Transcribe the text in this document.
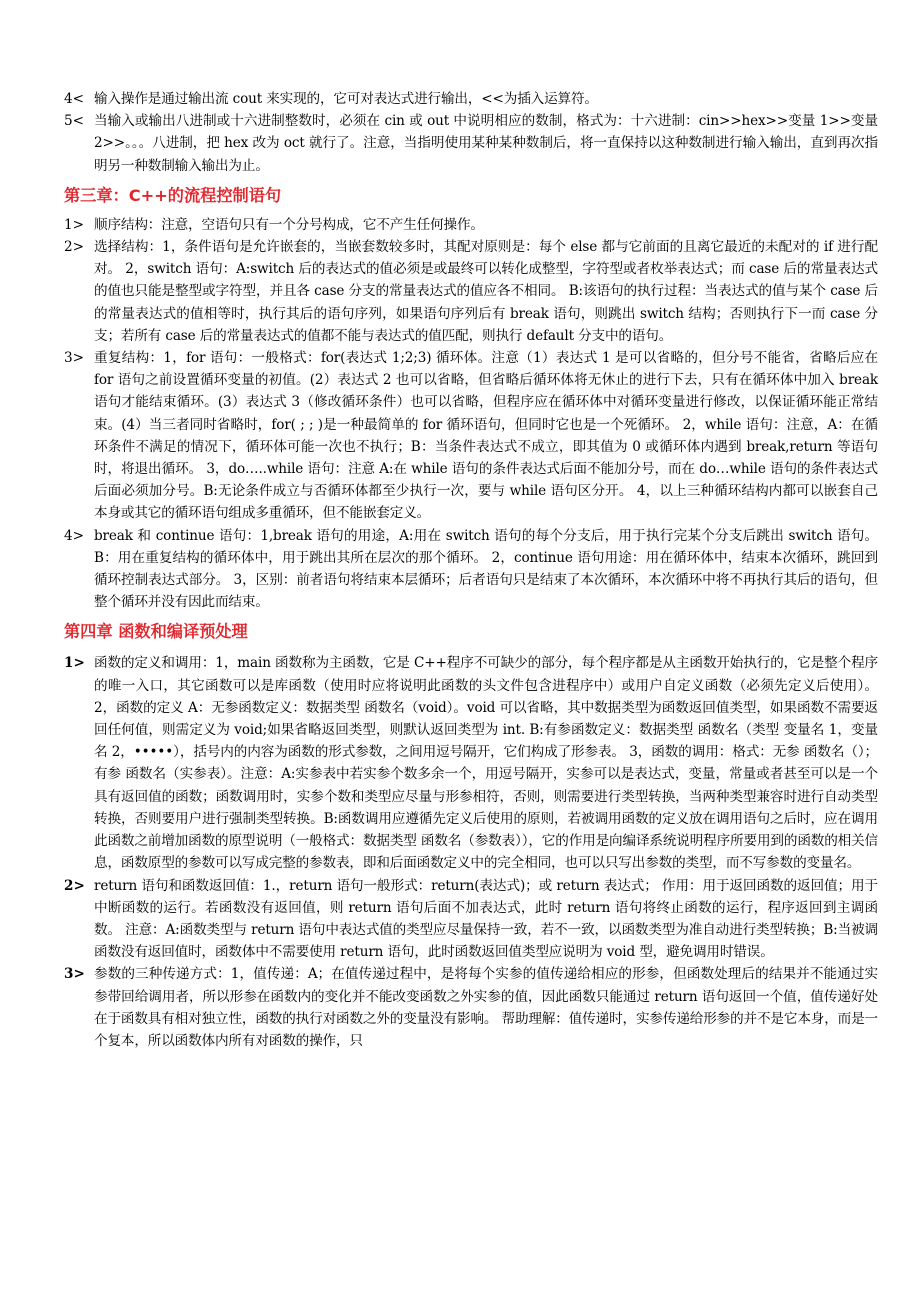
4< 输入操作是通过输出流 cout 来实现的，它可对表达式进行输出，<<为插入运算符。
5< 当输入或输出八进制或十六进制整数时，必须在 cin 或 out 中说明相应的数制，格式为：十六进制：cin>>hex>>变量 1>>变量 2>>。。。八进制，把 hex 改为 oct 就行了。注意，当指明使用某种某种数制后，将一直保持以这种数制进行输入输出，直到再次指明另一种数制输入输出为止。
第三章：C++的流程控制语句
1> 顺序结构：注意，空语句只有一个分号构成，它不产生任何操作。
2> 选择结构：1，条件语句是允许嵌套的，当嵌套数较多时，其配对原则是：每个 else 都与它前面的且离它最近的未配对的 if 进行配对。 2，switch 语句：A:switch 后的表达式的值必须是或最终可以转化成整型，字符型或者枚举表达式；而 case 后的常量表达式的值也只能是整型或字符型，并且各 case 分支的常量表达式的值应各不相同。 B:该语句的执行过程：当表达式的值与某个 case 后的常量表达式的值相等时，执行其后的语句序列，如果语句序列后有 break 语句，则跳出 switch 结构；否则执行下一而 case 分支；若所有 case 后的常量表达式的值都不能与表达式的值匹配，则执行 default 分支中的语句。
3> 重复结构：1，for 语句：一般格式：for(表达式 1;2;3) 循环体。注意（1）表达式 1 是可以省略的，但分号不能省，省略后应在 for 语句之前设置循环变量的初值。(2）表达式 2 也可以省略，但省略后循环体将无休止的进行下去，只有在循环体中加入 break 语句才能结束循环。(3）表达式 3（修改循环条件）也可以省略，但程序应在循环体中对循环变量进行修改，以保证循环能正常结束。(4）当三者同时省略时，for( ; ; )是一种最简单的 for 循环语句，但同时它也是一个死循环。 2，while 语句：注意，A：在循环条件不满足的情况下，循环体可能一次也不执行；B：当条件表达式不成立，即其值为 0 或循环体内遇到 break,return 等语句时，将退出循环。 3，do…..while 语句：注意 A:在 while 语句的条件表达式后面不能加分号，而在 do…while 语句的条件表达式后面必须加分号。B:无论条件成立与否循环体都至少执行一次，要与 while 语句区分开。 4，以上三种循环结构内都可以嵌套自己本身或其它的循环语句组成多重循环，但不能嵌套定义。
4> break 和 continue 语句：1,break 语句的用途，A:用在 switch 语句的每个分支后，用于执行完某个分支后跳出 switch 语句。 B：用在重复结构的循环体中，用于跳出其所在层次的那个循环。 2，continue 语句用途：用在循环体中，结束本次循环，跳回到循环控制表达式部分。 3，区别：前者语句将结束本层循环；后者语句只是结束了本次循环，本次循环中将不再执行其后的语句，但整个循环并没有因此而结束。
第四章 函数和编译预处理
1> 函数的定义和调用：1，main 函数称为主函数，它是 C++程序不可缺少的部分，每个程序都是从主函数开始执行的，它是整个程序的唯一入口，其它函数可以是库函数（使用时应将说明此函数的头文件包含进程序中）或用户自定义函数（必须先定义后使用）。 2，函数的定义 A：无参函数定义：数据类型 函数名（void）。void 可以省略，其中数据类型为函数返回值类型，如果函数不需要返回任何值，则需定义为 void;如果省略返回类型，则默认返回类型为 int. B:有参函数定义：数据类型 函数名（类型 变量名 1，变量名 2，•••••），括号内的内容为函数的形式参数，之间用逗号隔开，它们构成了形参表。 3，函数的调用：格式：无参 函数名（）；有参 函数名（实参表）。注意：A:实参表中若实参个数多余一个，用逗号隔开，实参可以是表达式，变量，常量或者甚至可以是一个具有返回值的函数；函数调用时，实参个数和类型应尽量与形参相符，否则，则需要进行类型转换，当两种类型兼容时进行自动类型转换，否则要用户进行强制类型转换。B:函数调用应遵循先定义后使用的原则，若被调用函数的定义放在调用语句之后时，应在调用此函数之前增加函数的原型说明（一般格式：数据类型 函数名（参数表）），它的作用是向编译系统说明程序所要用到的函数的相关信息，函数原型的参数可以写成完整的参数表，即和后面函数定义中的完全相同，也可以只写出参数的类型，而不写参数的变量名。
2> return 语句和函数返回值：1.，return 语句一般形式：return(表达式)；或 return 表达式； 作用：用于返回函数的返回值；用于中断函数的运行。若函数没有返回值，则 return 语句后面不加表达式，此时 return 语句将终止函数的运行，程序返回到主调函数。 注意：A:函数类型与 return 语句中表达式值的类型应尽量保持一致，若不一致，以函数类型为准自动进行类型转换；B:当被调函数没有返回值时，函数体中不需要使用 return 语句，此时函数返回值类型应说明为 void 型，避免调用时错误。
3> 参数的三种传递方式：1，值传递：A；在值传递过程中，是将每个实参的值传递给相应的形参，但函数处理后的结果并不能通过实参带回给调用者，所以形参在函数内的变化并不能改变函数之外实参的值，因此函数只能通过 return 语句返回一个值，值传递好处在于函数具有相对独立性，函数的执行对函数之外的变量没有影响。 帮助理解：值传递时，实参传递给形参的并不是它本身，而是一个复本，所以函数体内所有对函数的操作，只
